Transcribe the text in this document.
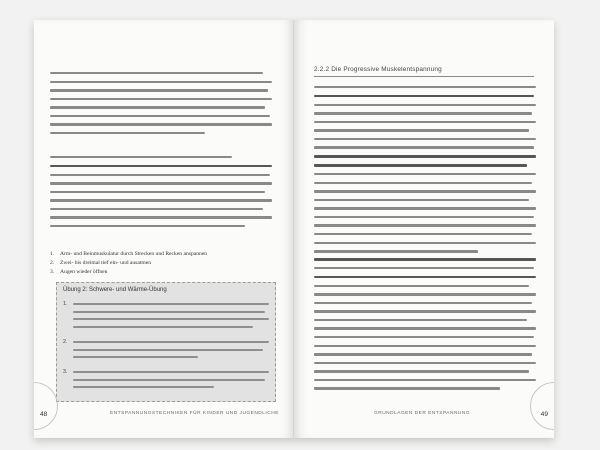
1.	Arm- und Beinmuskulatur durch Strecken und Recken anspannen
2.	Zwei- bis dreimal tief ein- und ausatmen
3.	Augen wieder öffnen
Übung 2: Schwere- und Wärme-Übung
1.
2.
3.
48	ENTSPANNUNGSTECHNIKEN FÜR KINDER UND JUGENDLICHE
2.2.2 Die Progressive Muskelentspannung
GRUNDLAGEN DER ENTSPANNUNG	49
